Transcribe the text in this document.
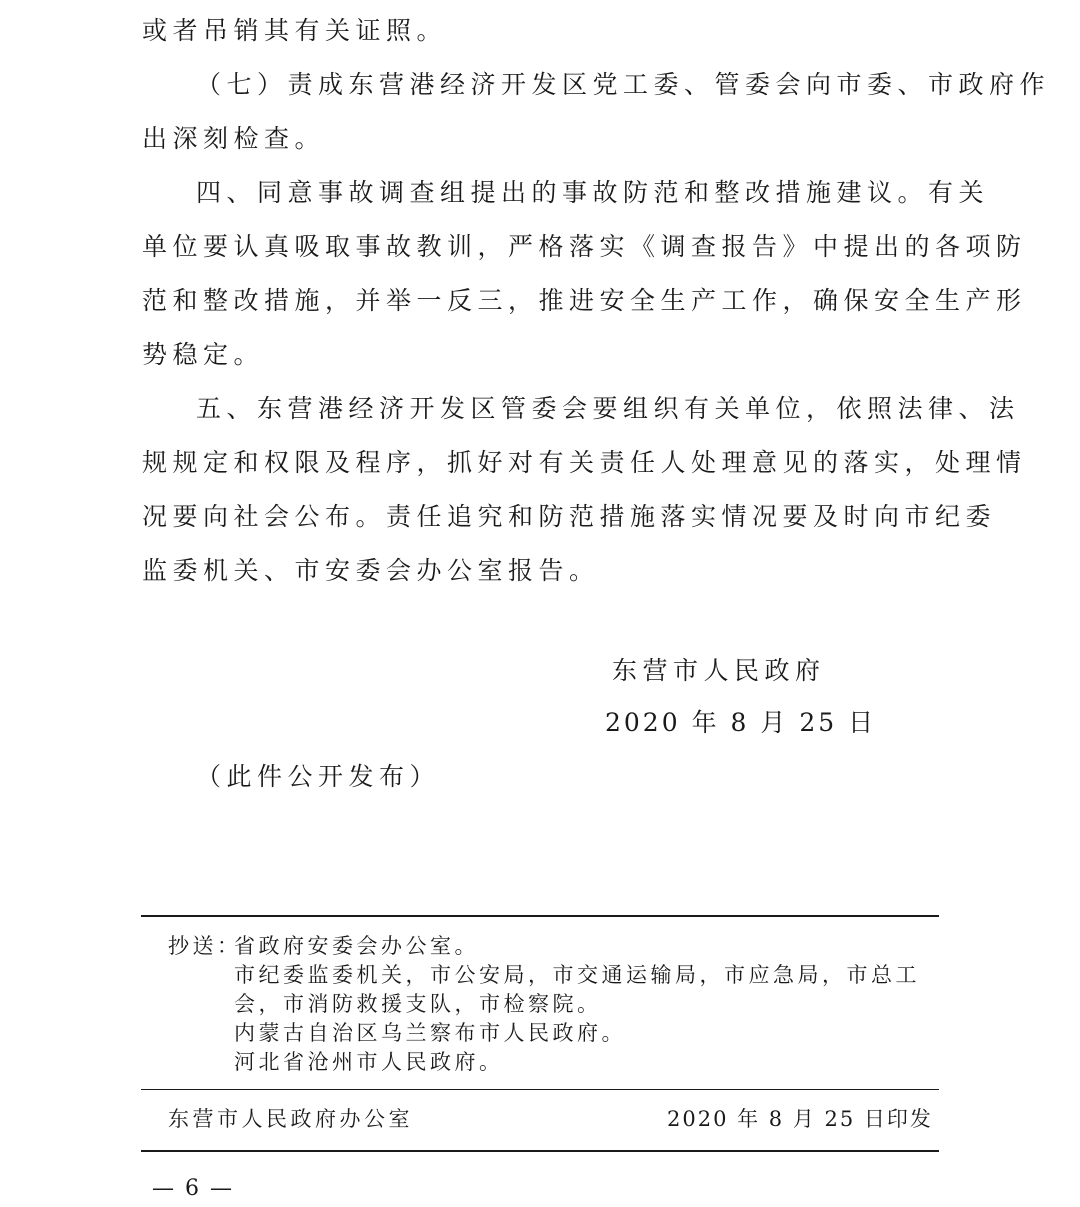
或者吊销其有关证照。
（七）责成东营港经济开发区党工委、管委会向市委、市政府作
出深刻检查。
四、同意事故调查组提出的事故防范和整改措施建议。有关
单位要认真吸取事故教训，严格落实《调查报告》中提出的各项防
范和整改措施，并举一反三，推进安全生产工作，确保安全生产形
势稳定。
五、东营港经济开发区管委会要组织有关单位，依照法律、法
规规定和权限及程序，抓好对有关责任人处理意见的落实，处理情
况要向社会公布。责任追究和防范措施落实情况要及时向市纪委
监委机关、市安委会办公室报告。
东营市人民政府
2020 年 8 月 25 日
（此件公开发布）
抄送：
省政府安委会办公室。
市纪委监委机关，市公安局，市交通运输局，市应急局，市总工
会，市消防救援支队，市检察院。
内蒙古自治区乌兰察布市人民政府。
河北省沧州市人民政府。
东营市人民政府办公室	2020 年 8 月 25 日印发
— 6 —
